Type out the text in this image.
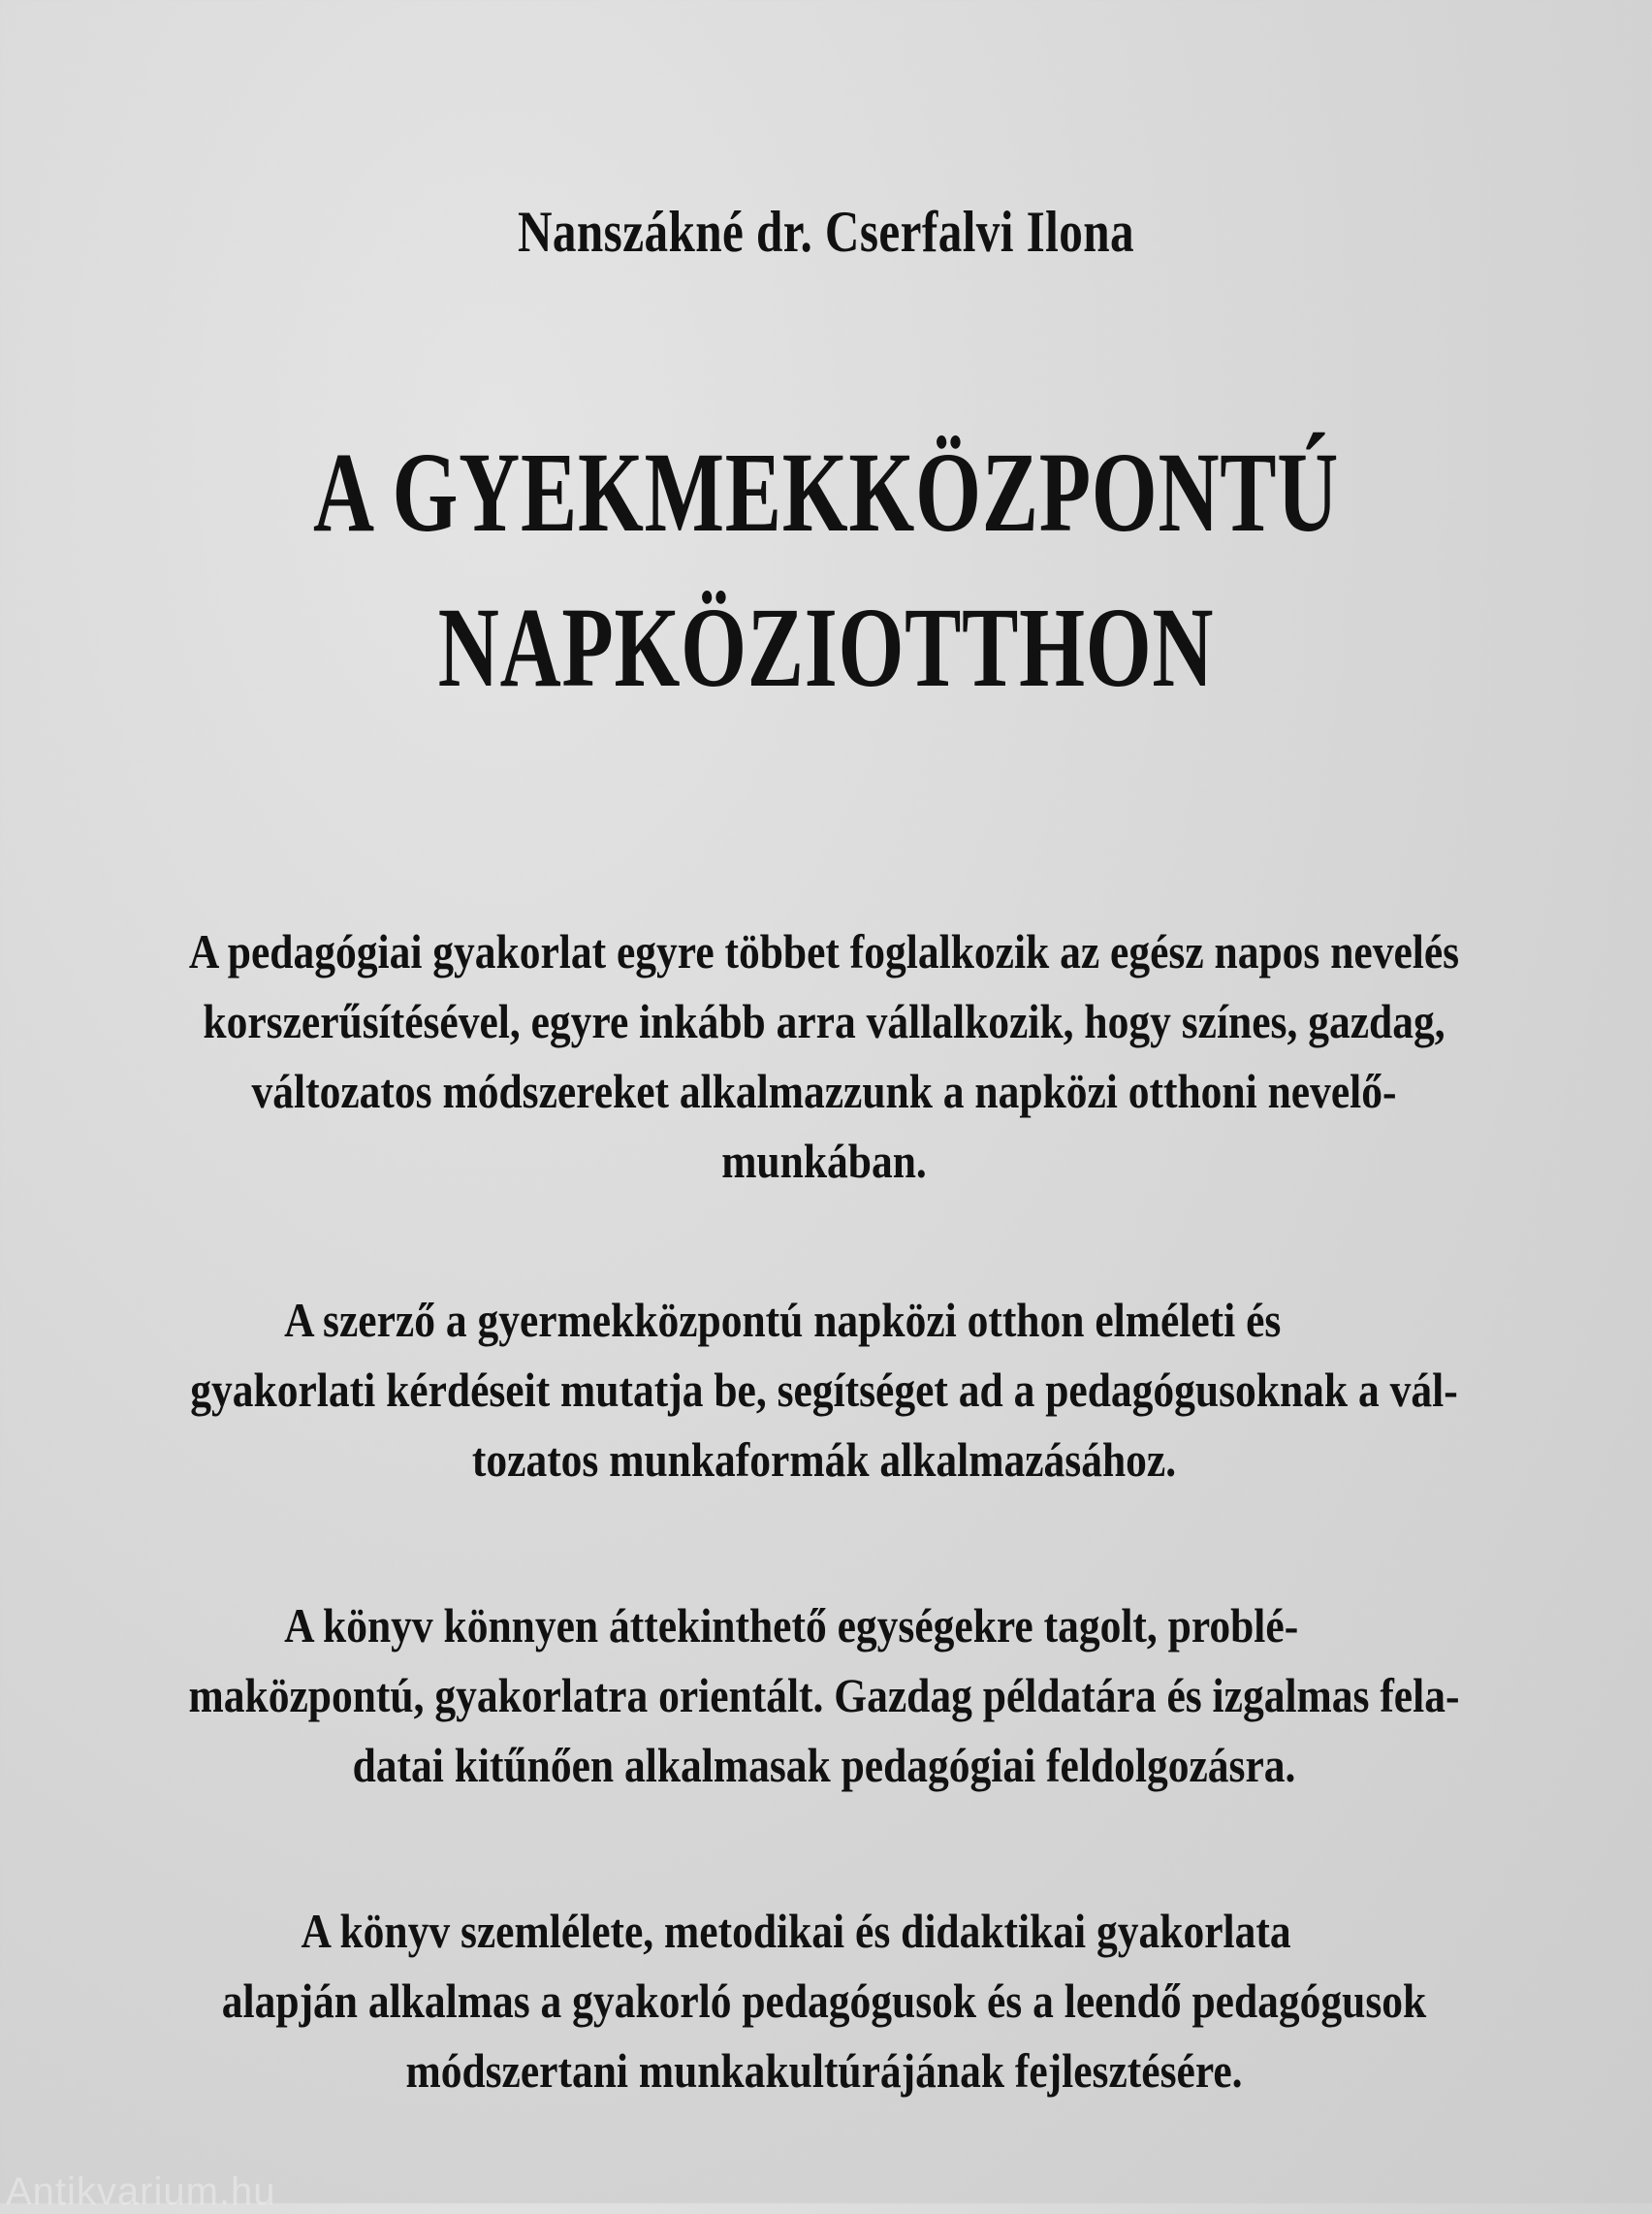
Nanszákné dr. Cserfalvi Ilona
A GYEKMEKKÖZPONTÚ
NAPKÖZIOTTHON
A pedagógiai gyakorlat egyre többet foglalkozik az egész napos nevelés
korszerűsítésével, egyre inkább arra vállalkozik, hogy színes, gazdag,
változatos módszereket alkalmazzunk a napközi otthoni nevelő-
munkában.
A szerző a gyermekközpontú napközi otthon elméleti és
gyakorlati kérdéseit mutatja be, segítséget ad a pedagógusoknak a vál-
tozatos munkaformák alkalmazásához.
A könyv könnyen áttekinthető egységekre tagolt, problé-
maközpontú, gyakorlatra orientált. Gazdag példatára és izgalmas fela-
datai kitűnően alkalmasak pedagógiai feldolgozásra.
A könyv szemlélete, metodikai és didaktikai gyakorlata
alapján alkalmas a gyakorló pedagógusok és a leendő pedagógusok
módszertani munkakultúrájának fejlesztésére.
Antikvarium.hu
